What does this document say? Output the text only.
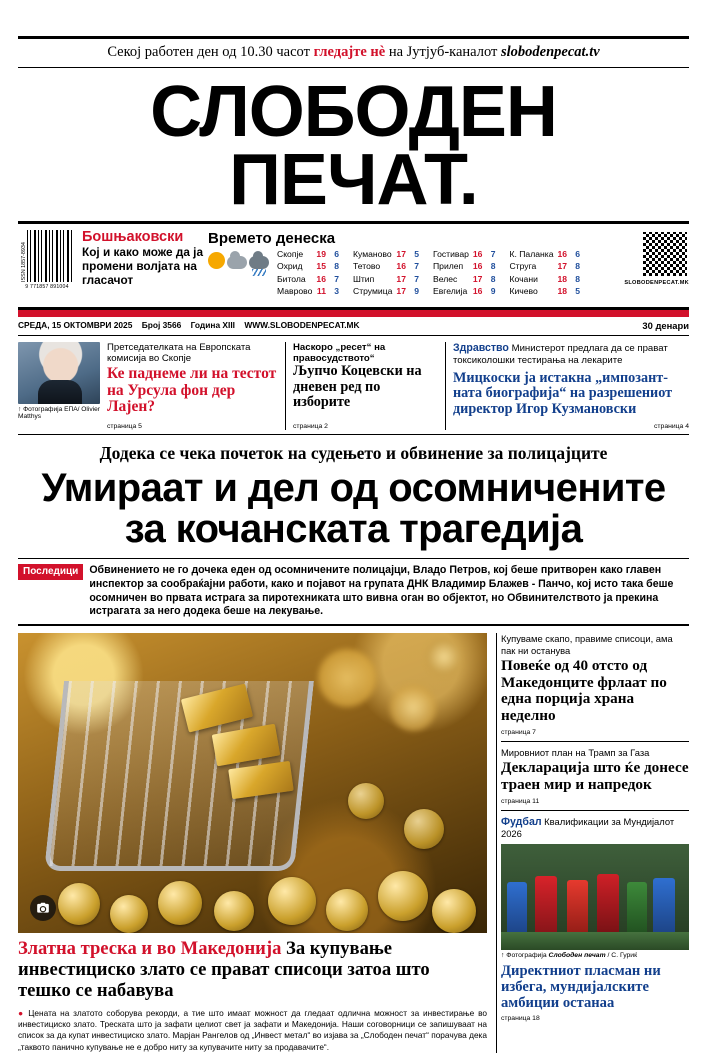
Секој работен ден од 10.30 часот гледајте нѐ на Јутјуб-каналот slobodenpecat.tv
СЛОБОДЕН ПЕЧАТ.
ISSN 1857-8934
9 771857 891004
Бошњаковски
Кој и како може да ја промени волјата на гласачот
Времето денеска
Скопје	19	6
Охрид	15	8
Битола	16	7
Маврово	11	3
Куманово	17	5
Тетово	16	7
Штип	17	7
Струмица	17	9
Гостивар	16	7
Прилеп	16	8
Велес	17	8
Евгелија	16	9
К. Паланка	16	6
Струга	17	8
Кочани	18	8
Кичево	18	5
SLOBODENPECAT.MK
СРЕДА, 15 ОКТОМВРИ 2025 Број 3566 Година XIII WWW.SLOBODENPECAT.MK	30 денари
↑ Фотографија ЕПА/ Olivier Matthys
Претседателката на Европската комисија во Скопје
Ке паднеме ли на тестот на Урсула фон дер Лајен?
страница 5
Наскоро „ресет“ на правосудството“
Љупчо Коцевски на дневен ред по изборите
страница 2
Здравство Министерот предлага да се прават токсиколошки тестирања на лекарите
Мицкоски ја истакна „импозантната биографија“ на разрешениот директор Игор Кузмановски
страница 4
Додека се чека почеток на судењето и обвинение за полицајците
Умираат и дел од осомничените
за кочанската трагедија
Последици	Обвинението не го дочека еден од осомничените полицајци, Владо Петров, кој беше притворен како главен инспектор за сообраќајни работи, како и појавот на групата ДНК Владимир Блажев - Панчо, кој исто така беше осомничен во првата истрага за пиротехниката што вивна оган во објектот, но Обвинителството ја прекина истрагата за него додека беше на лекување.
Златна треска и во Македонија За купување инвестициско злато се прават списоци затоа што тешко се набавува
● Цената на златото собoрува рекорди, а тие што имаат можност да гледаат одлична можност за инвестирање во инвестициско злато. Треската што ја зафати целиот свет ја зафати и Македонија. Наши соговорници се запишуваат на список за да купат инвестициско злато. Марјан Рангелов од „Инвест метал“ во изјава за „Слободен печат“ порачува дека „таквото панично купување не е добро ниту за купувачите ниту за продавачите“.
Купуваме скапо, правиме списоци, ама пак ни останува
Повеќе од 40 отсто од Македонците фрлаат по една порција храна неделно
страница 7
Мировниот план на Трамп за Газа
Декларација што ќе донесе траен мир и напредок
страница 11
Фудбал Квалификации за Мундијалот 2026
↑ Фотографија Слободен печат / С. Гуриќ
Директниот пласман ни избега, мундијалските амбиции останаа
страница 18
